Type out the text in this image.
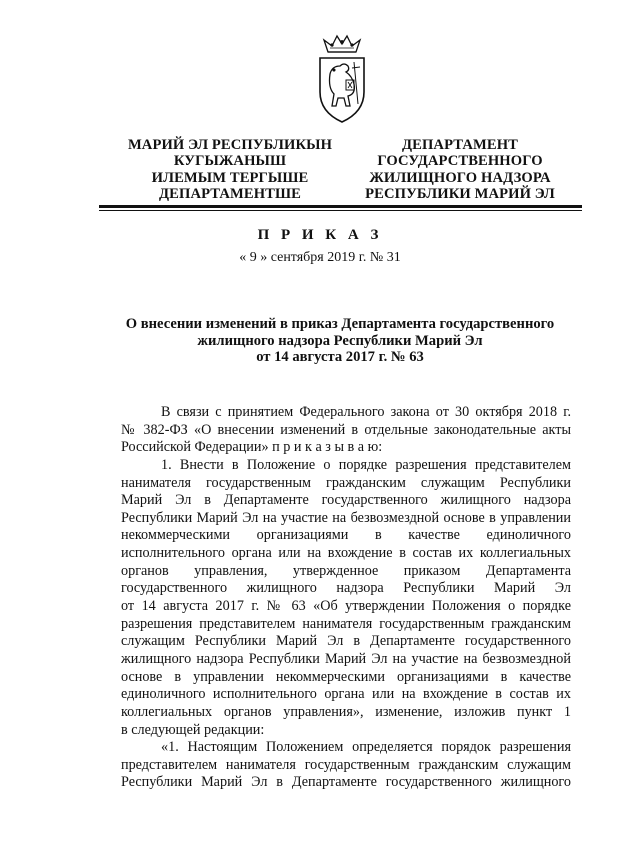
МАРИЙ ЭЛ РЕСПУБЛИКЫН
КУГЫЖАНЫШ
ИЛЕМЫМ ТЕРГЫШЕ
ДЕПАРТАМЕНТШЕ
ДЕПАРТАМЕНТ
ГОСУДАРСТВЕННОГО
ЖИЛИЩНОГО НАДЗОРА
РЕСПУБЛИКИ МАРИЙ ЭЛ
П Р И К А З
« 9 » сентября 2019 г. № 31
О внесении изменений в приказ Департамента государственного
жилищного надзора Республики Марий Эл
от 14 августа 2017 г. № 63
В связи с принятием Федерального закона от 30 октября 2018 г.
№ 382-ФЗ «О внесении изменений в отдельные законодательные акты
Российской Федерации» п р и к а з ы в а ю:
1. Внести в Положение о порядке разрешения представителем
нанимателя государственным гражданским служащим Республики
Марий Эл в Департаменте государственного жилищного надзора
Республики Марий Эл на участие на безвозмездной основе в управлении
некоммерческими организациями в качестве единоличного
исполнительного органа или на вхождение в состав их коллегиальных
органов управления, утвержденное приказом Департамента
государственного жилищного надзора Республики Марий Эл
от 14 августа 2017 г. № 63 «Об утверждении Положения о порядке
разрешения представителем нанимателя государственным гражданским
служащим Республики Марий Эл в Департаменте государственного
жилищного надзора Республики Марий Эл на участие на безвозмездной
основе в управлении некоммерческими организациями в качестве
единоличного исполнительного органа или на вхождение в состав их
коллегиальных органов управления», изменение, изложив пункт 1
в следующей редакции:
«1. Настоящим Положением определяется порядок разрешения
представителем нанимателя государственным гражданским служащим
Республики Марий Эл в Департаменте государственного жилищного
